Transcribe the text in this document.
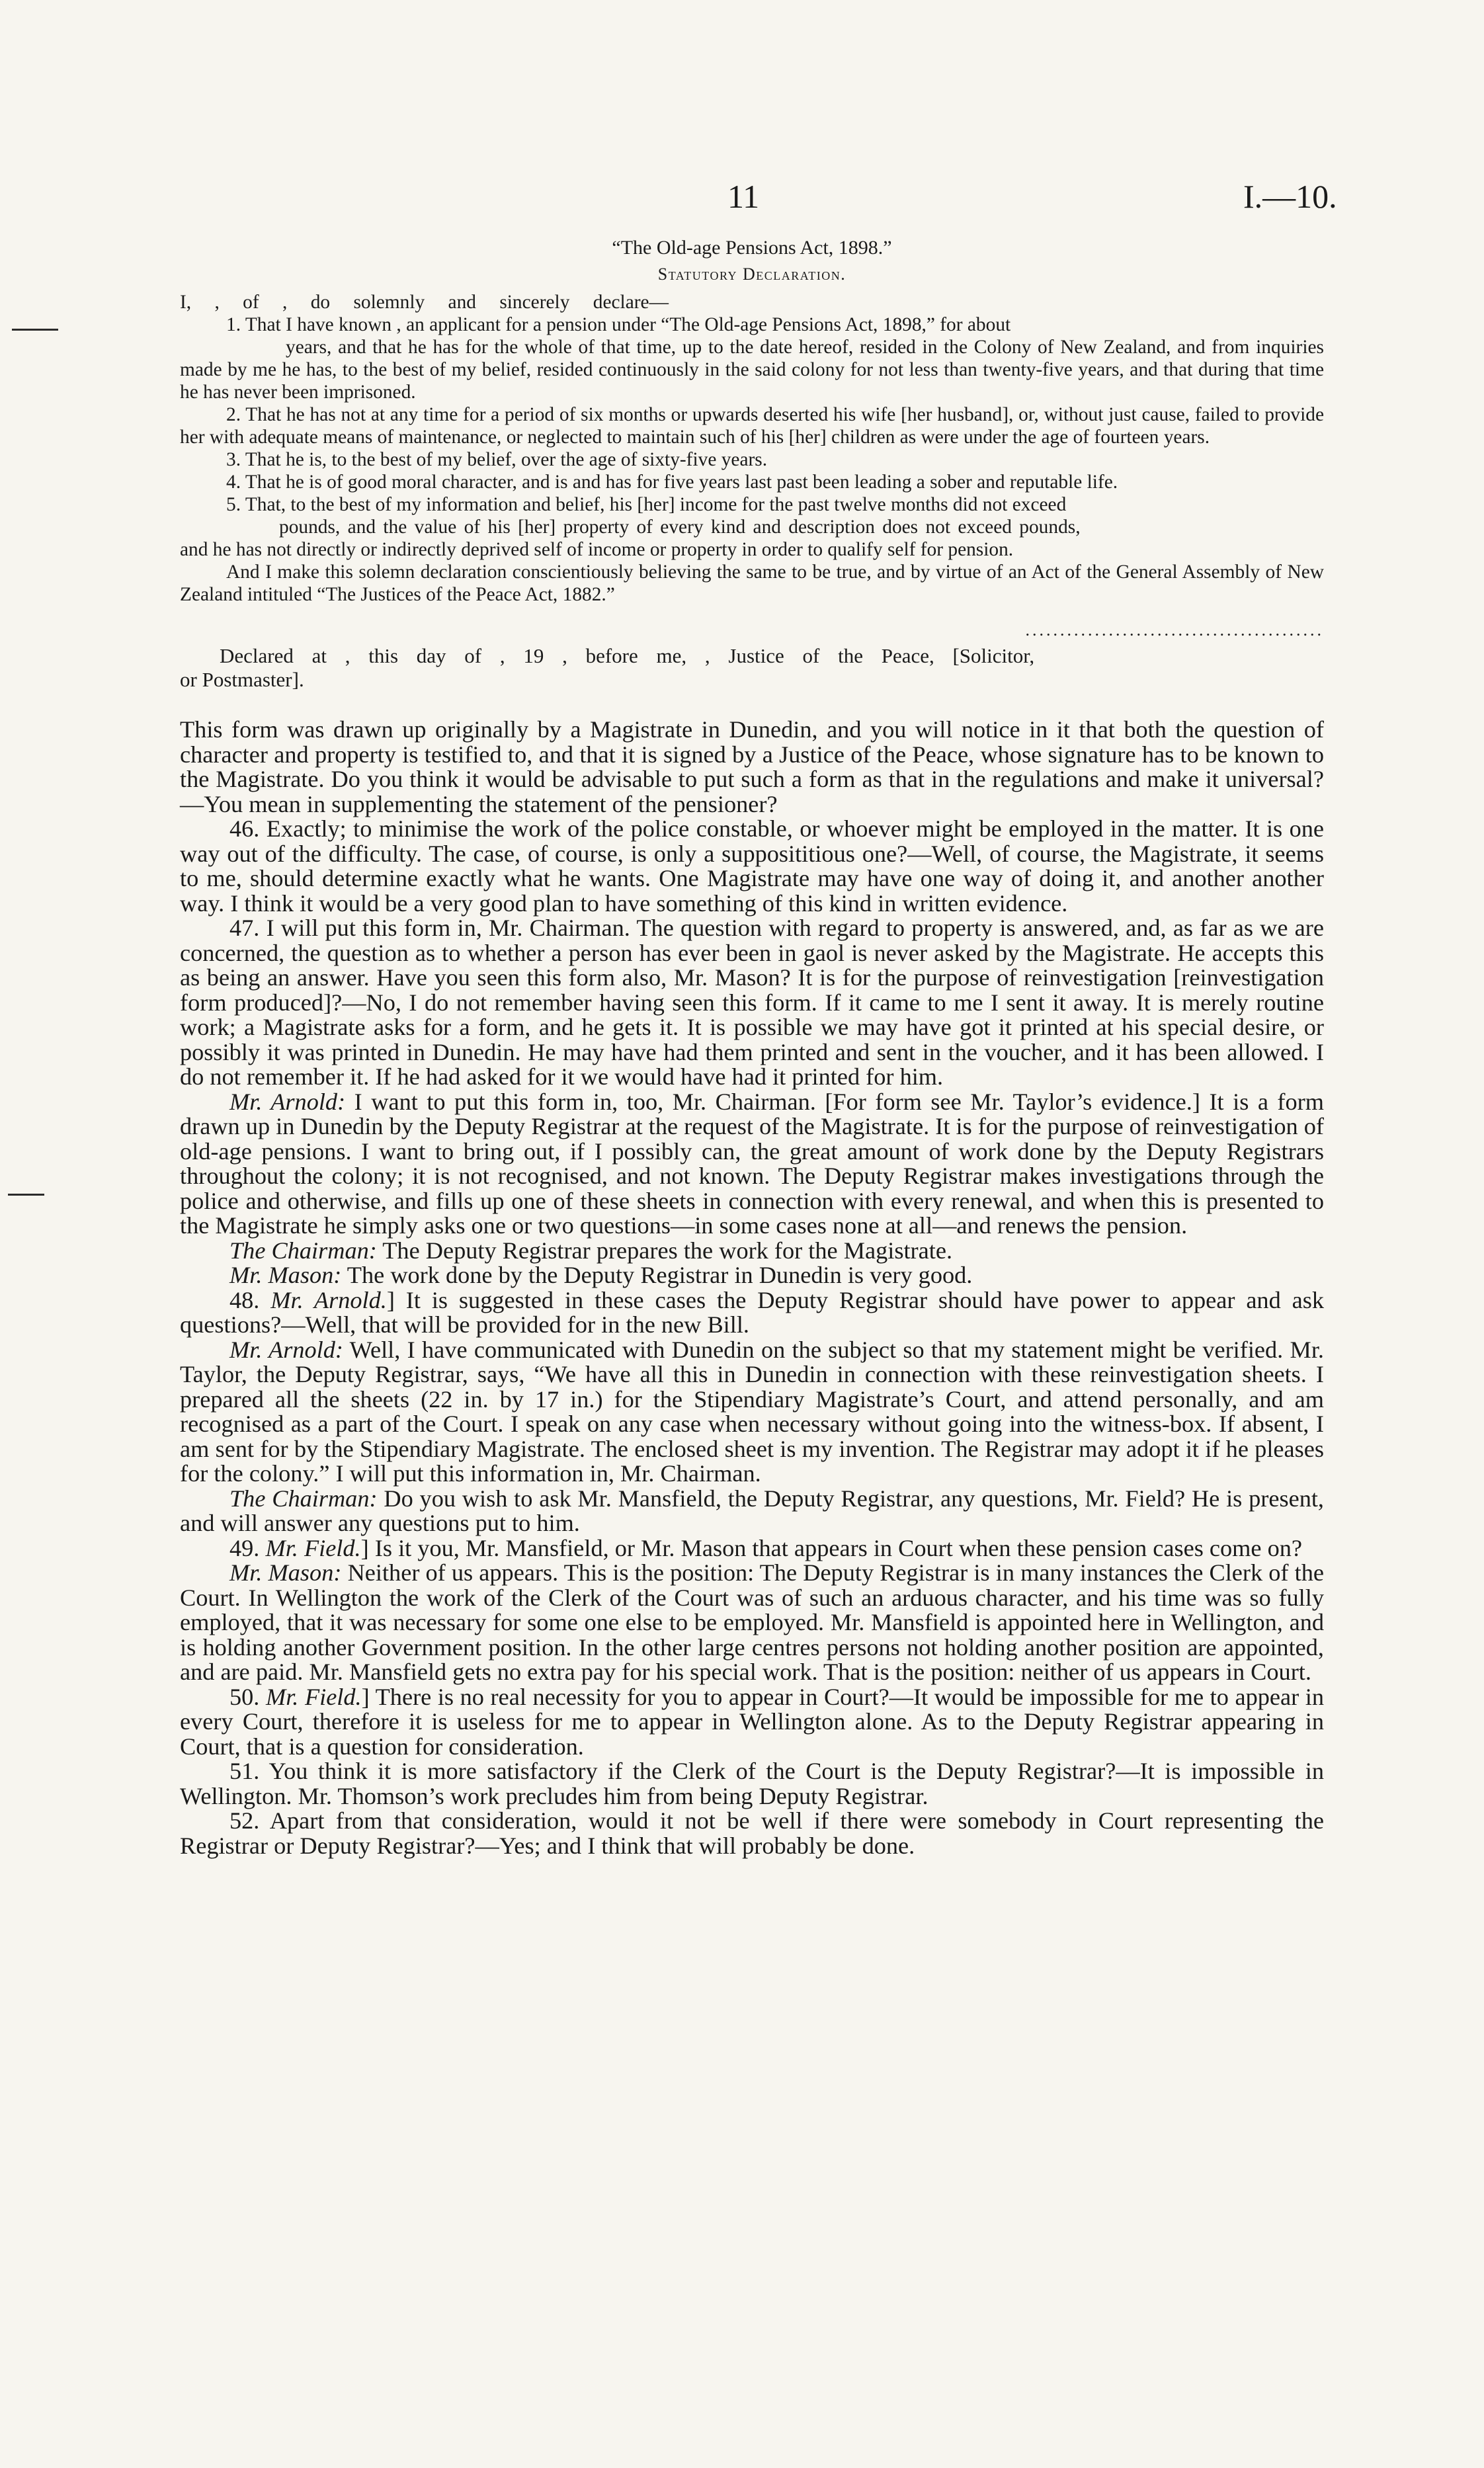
11	I.—10.

“The Old-age Pensions Act, 1898.”

Statutory Declaration.

I, , of , do solemnly and sincerely declare—

1. That I have known , an applicant for a pension under “The Old-age Pensions Act, 1898,” for about

years, and that he has for the whole of that time, up to the date hereof, resided in the Colony of New Zealand, and from inquiries made by me he has, to the best of my belief, resided continuously in the said colony for not less than twenty-five years, and that during that time he has never been imprisoned.

2. That he has not at any time for a period of six months or upwards deserted his wife [her husband], or, without just cause, failed to provide her with adequate means of maintenance, or neglected to maintain such of his [her] children as were under the age of fourteen years.

3. That he is, to the best of my belief, over the age of sixty-five years.

4. That he is of good moral character, and is and has for five years last past been leading a sober and reputable life.

5. That, to the best of my information and belief, his [her] income for the past twelve months did not exceed

pounds, and the value of his [her] property of every kind and description does not exceed pounds,

and he has not directly or indirectly deprived self of income or property in order to qualify self for pension.

And I make this solemn declaration conscientiously believing the same to be true, and by virtue of an Act of the General Assembly of New Zealand intituled “The Justices of the Peace Act, 1882.”

...........................................

Declared at , this day of , 19 , before me, , Justice of the Peace, [Solicitor,

or Postmaster].

This form was drawn up originally by a Magistrate in Dunedin, and you will notice in it that both the question of character and property is testified to, and that it is signed by a Justice of the Peace, whose signature has to be known to the Magistrate. Do you think it would be advisable to put such a form as that in the regulations and make it universal?—You mean in supplementing the statement of the pensioner?

46. Exactly; to minimise the work of the police constable, or whoever might be employed in the matter. It is one way out of the difficulty. The case, of course, is only a supposititious one?—Well, of course, the Magistrate, it seems to me, should determine exactly what he wants. One Magistrate may have one way of doing it, and another another way. I think it would be a very good plan to have something of this kind in written evidence.

47. I will put this form in, Mr. Chairman. The question with regard to property is answered, and, as far as we are concerned, the question as to whether a person has ever been in gaol is never asked by the Magistrate. He accepts this as being an answer. Have you seen this form also, Mr. Mason? It is for the purpose of reinvestigation [reinvestigation form produced]?—No, I do not remember having seen this form. If it came to me I sent it away. It is merely routine work; a Magistrate asks for a form, and he gets it. It is possible we may have got it printed at his special desire, or possibly it was printed in Dunedin. He may have had them printed and sent in the voucher, and it has been allowed. I do not remember it. If he had asked for it we would have had it printed for him.

Mr. Arnold: I want to put this form in, too, Mr. Chairman. [For form see Mr. Taylor’s evidence.] It is a form drawn up in Dunedin by the Deputy Registrar at the request of the Magistrate. It is for the purpose of reinvestigation of old-age pensions. I want to bring out, if I possibly can, the great amount of work done by the Deputy Registrars throughout the colony; it is not recognised, and not known. The Deputy Registrar makes investigations through the police and otherwise, and fills up one of these sheets in connection with every renewal, and when this is presented to the Magistrate he simply asks one or two questions—in some cases none at all—and renews the pension.

The Chairman: The Deputy Registrar prepares the work for the Magistrate.

Mr. Mason: The work done by the Deputy Registrar in Dunedin is very good.

48. Mr. Arnold.] It is suggested in these cases the Deputy Registrar should have power to appear and ask questions?—Well, that will be provided for in the new Bill.

Mr. Arnold: Well, I have communicated with Dunedin on the subject so that my statement might be verified. Mr. Taylor, the Deputy Registrar, says, “We have all this in Dunedin in connection with these reinvestigation sheets. I prepared all the sheets (22 in. by 17 in.) for the Stipendiary Magistrate’s Court, and attend personally, and am recognised as a part of the Court. I speak on any case when necessary without going into the witness-box. If absent, I am sent for by the Stipendiary Magistrate. The enclosed sheet is my invention. The Registrar may adopt it if he pleases for the colony.” I will put this information in, Mr. Chairman.

The Chairman: Do you wish to ask Mr. Mansfield, the Deputy Registrar, any questions, Mr. Field? He is present, and will answer any questions put to him.

49. Mr. Field.] Is it you, Mr. Mansfield, or Mr. Mason that appears in Court when these pension cases come on?

Mr. Mason: Neither of us appears. This is the position: The Deputy Registrar is in many instances the Clerk of the Court. In Wellington the work of the Clerk of the Court was of such an arduous character, and his time was so fully employed, that it was necessary for some one else to be employed. Mr. Mansfield is appointed here in Wellington, and is holding another Government position. In the other large centres persons not holding another position are appointed, and are paid. Mr. Mansfield gets no extra pay for his special work. That is the position: neither of us appears in Court.

50. Mr. Field.] There is no real necessity for you to appear in Court?—It would be impossible for me to appear in every Court, therefore it is useless for me to appear in Wellington alone. As to the Deputy Registrar appearing in Court, that is a question for consideration.

51. You think it is more satisfactory if the Clerk of the Court is the Deputy Registrar?—It is impossible in Wellington. Mr. Thomson’s work precludes him from being Deputy Registrar.

52. Apart from that consideration, would it not be well if there were somebody in Court representing the Registrar or Deputy Registrar?—Yes; and I think that will probably be done.
